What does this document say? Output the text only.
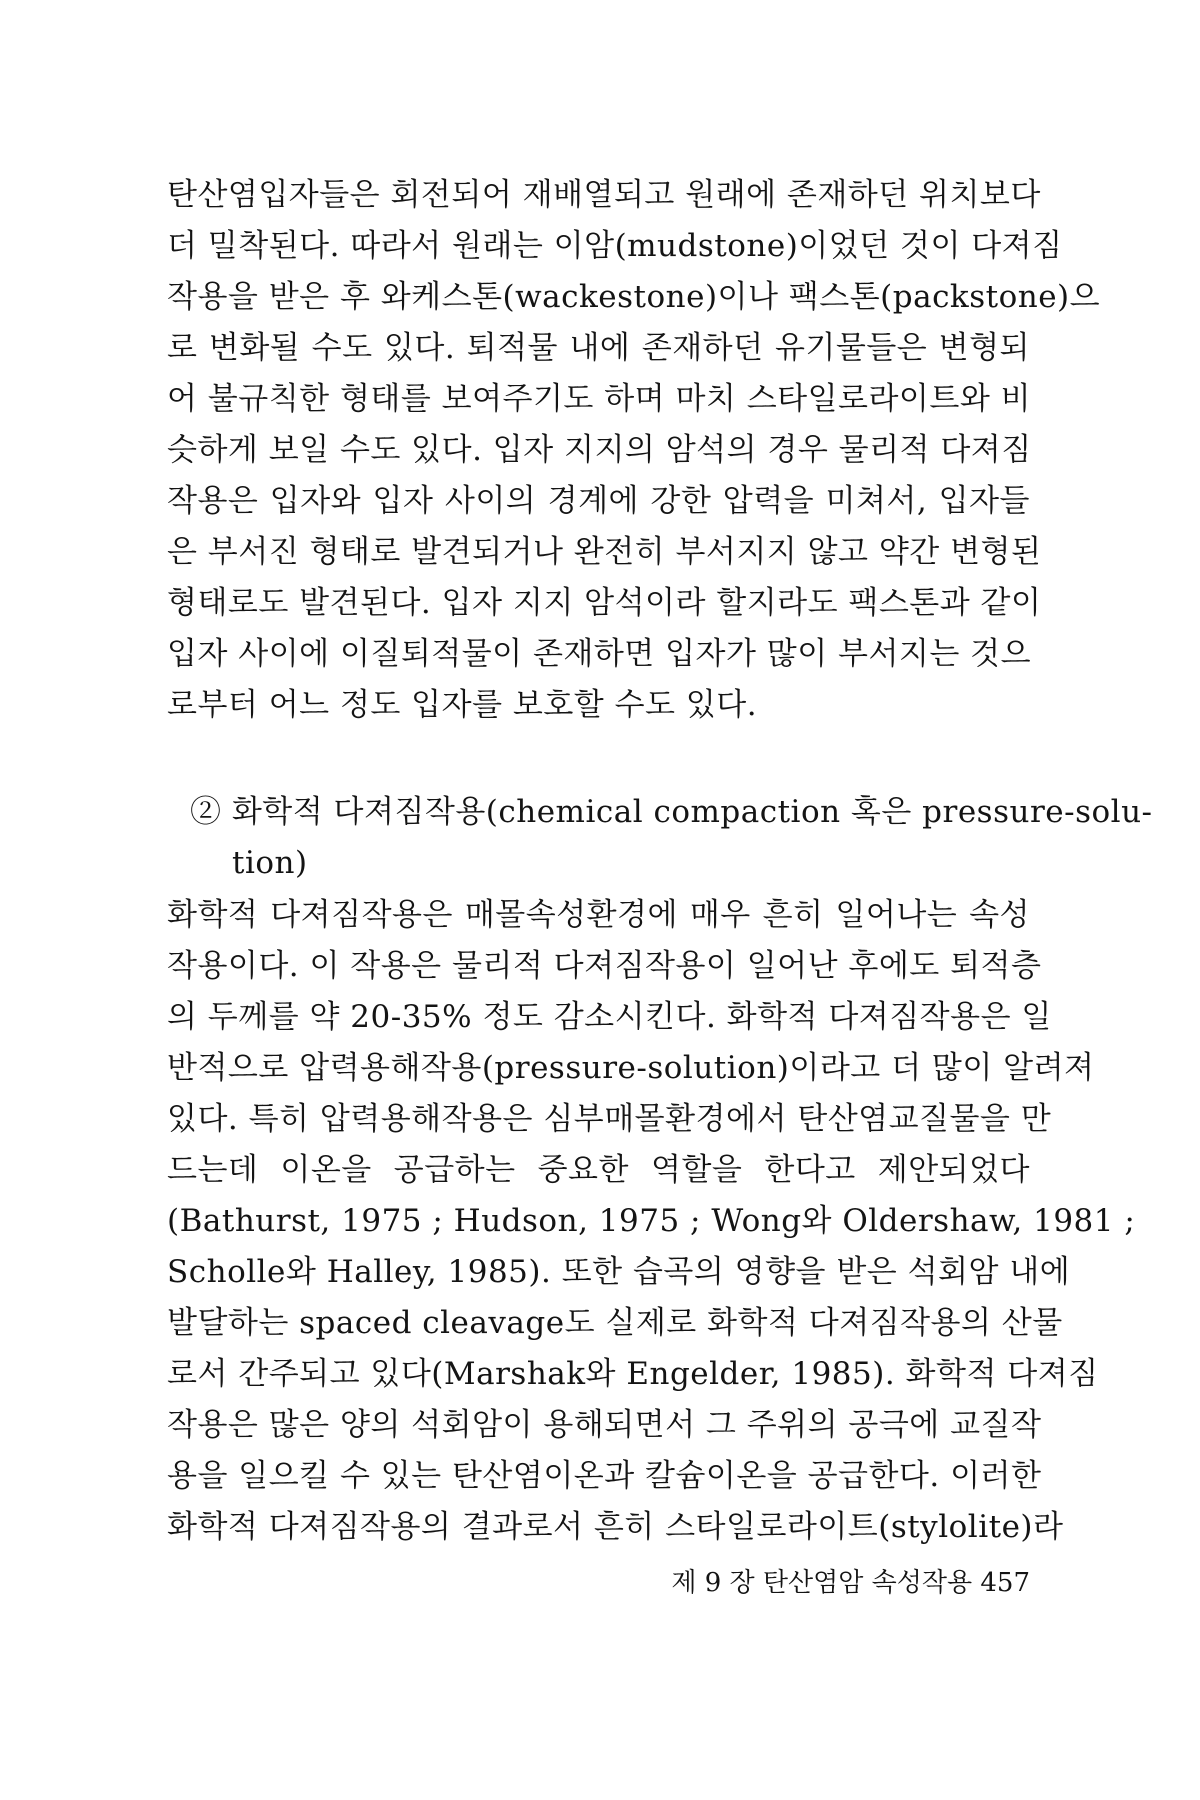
탄산염입자들은 회전되어 재배열되고 원래에 존재하던 위치보다
더 밀착된다. 따라서 원래는 이암(mudstone)이었던 것이 다져짐
작용을 받은 후 와케스톤(wackestone)이나 팩스톤(packstone)으
로 변화될 수도 있다. 퇴적물 내에 존재하던 유기물들은 변형되
어 불규칙한 형태를 보여주기도 하며 마치 스타일로라이트와 비
슷하게 보일 수도 있다. 입자 지지의 암석의 경우 물리적 다져짐
작용은 입자와 입자 사이의 경계에 강한 압력을 미쳐서, 입자들
은 부서진 형태로 발견되거나 완전히 부서지지 않고 약간 변형된
형태로도 발견된다. 입자 지지 암석이라 할지라도 팩스톤과 같이
입자 사이에 이질퇴적물이 존재하면 입자가 많이 부서지는 것으
로부터 어느 정도 입자를 보호할 수도 있다.
② 화학적 다져짐작용(chemical compaction 혹은 pressure-solu-
tion)
화학적 다져짐작용은 매몰속성환경에 매우 흔히 일어나는 속성
작용이다. 이 작용은 물리적 다져짐작용이 일어난 후에도 퇴적층
의 두께를 약 20-35% 정도 감소시킨다. 화학적 다져짐작용은 일
반적으로 압력용해작용(pressure-solution)이라고 더 많이 알려져
있다. 특히 압력용해작용은 심부매몰환경에서 탄산염교질물을 만
드는데 이온을 공급하는 중요한 역할을 한다고 제안되었다
(Bathurst, 1975 ; Hudson, 1975 ; Wong와 Oldershaw, 1981 ;
Scholle와 Halley, 1985). 또한 습곡의 영향을 받은 석회암 내에
발달하는 spaced cleavage도 실제로 화학적 다져짐작용의 산물
로서 간주되고 있다(Marshak와 Engelder, 1985). 화학적 다져짐
작용은 많은 양의 석회암이 용해되면서 그 주위의 공극에 교질작
용을 일으킬 수 있는 탄산염이온과 칼슘이온을 공급한다. 이러한
화학적 다져짐작용의 결과로서 흔히 스타일로라이트(stylolite)라
제 9 장 탄산염암 속성작용 457
